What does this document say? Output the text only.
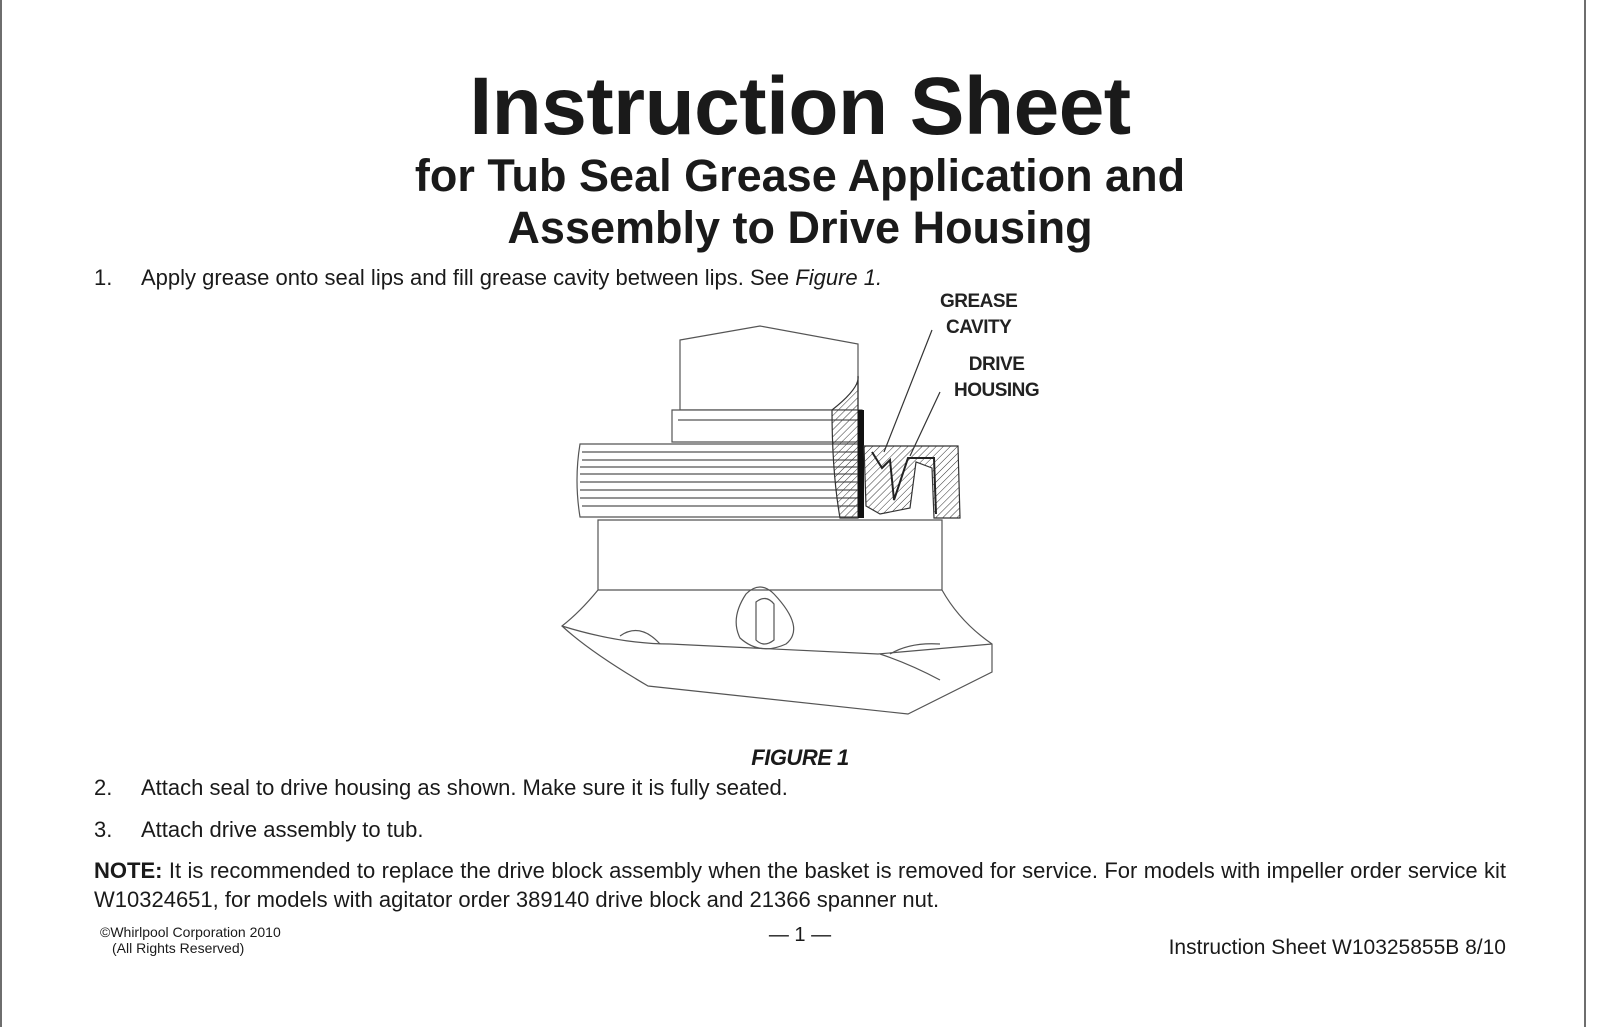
Instruction Sheet
for Tub Seal Grease Application and
Assembly to Drive Housing
1. Apply grease onto seal lips and fill grease cavity between lips. See Figure 1.
GREASE
CAVITY
DRIVE
HOUSING
FIGURE 1
2. Attach seal to drive housing as shown. Make sure it is fully seated.
3. Attach drive assembly to tub.
NOTE: It is recommended to replace the drive block assembly when the basket is removed for service. For models with impeller order service kit W10324651, for models with agitator order 389140 drive block and 21366 spanner nut.
©Whirlpool Corporation 2010
(All Rights Reserved)
— 1 —
Instruction Sheet W10325855B 8/10
